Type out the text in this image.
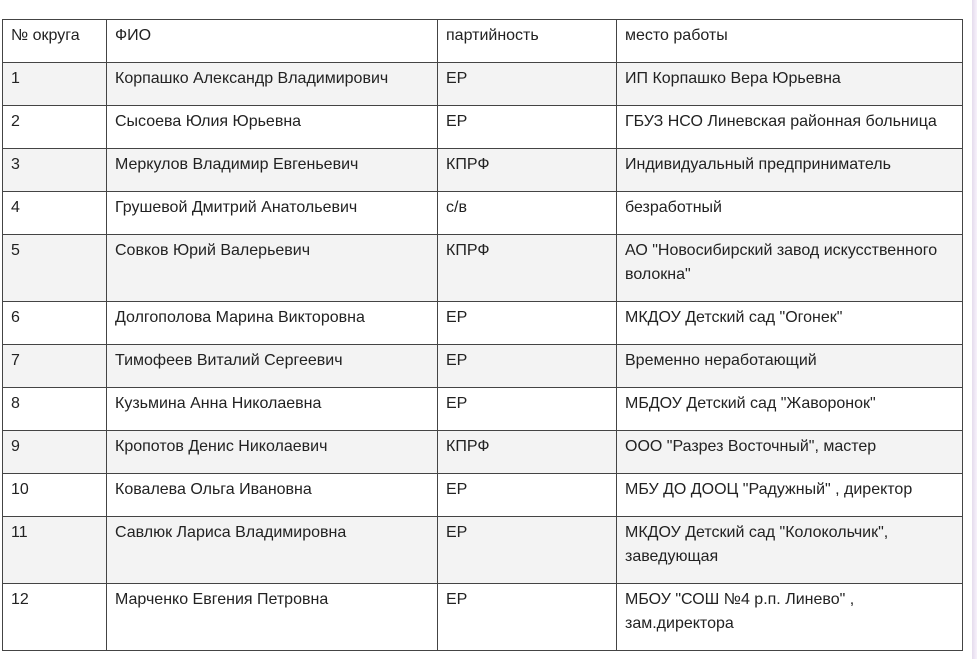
№ округа	ФИО	партийность	место работы
1	Корпашко Александр Владимирович	ЕР	ИП Корпашко Вера Юрьевна
2	Сысоева Юлия Юрьевна	ЕР	ГБУЗ НСО Линевская районная больница
3	Меркулов Владимир Евгеньевич	КПРФ	Индивидуальный предприниматель
4	Грушевой Дмитрий Анатольевич	с/в	безработный
5	Совков Юрий Валерьевич	КПРФ	АО "Новосибирский завод искусственного волокна"
6	Долгополова Марина Викторовна	ЕР	МКДОУ Детский сад "Огонек"
7	Тимофеев Виталий Сергеевич	ЕР	Временно неработающий
8	Кузьмина Анна Николаевна	ЕР	МБДОУ Детский сад "Жаворонок"
9	Кропотов Денис Николаевич	КПРФ	ООО "Разрез Восточный", мастер
10	Ковалева Ольга Ивановна	ЕР	МБУ ДО ДООЦ "Радужный" , директор
11	Савлюк Лариса Владимировна	ЕР	МКДОУ Детский сад "Колокольчик", заведующая
12	Марченко Евгения Петровна	ЕР	МБОУ "СОШ №4 р.п. Линево" , зам.директора
